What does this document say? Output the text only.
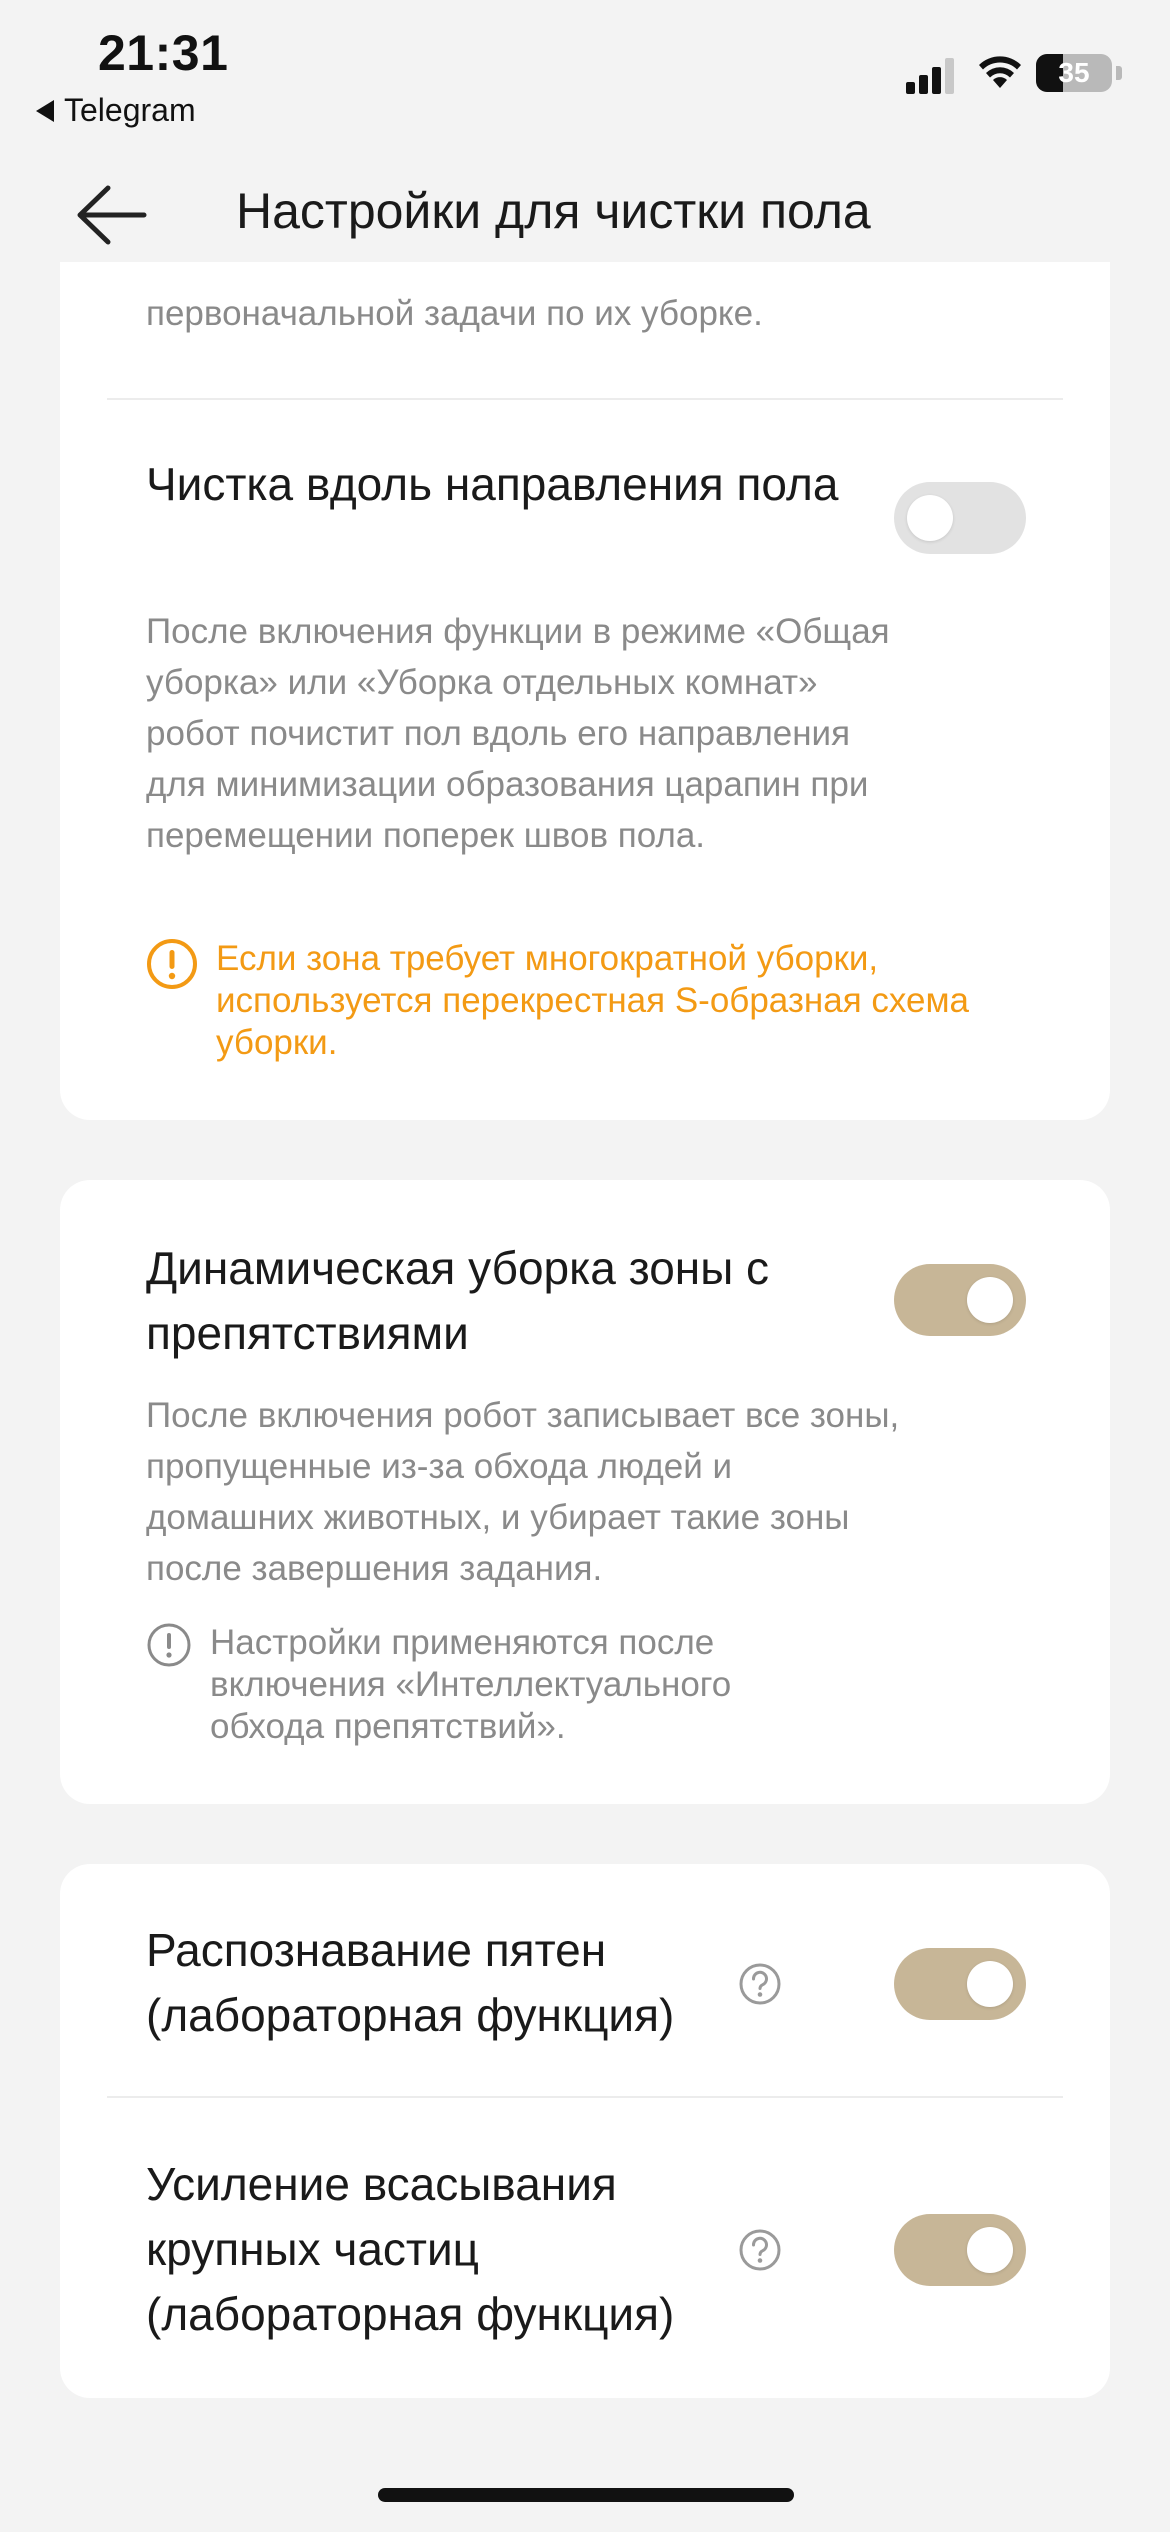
21:31
Telegram
35
Настройки для чистки пола
первоначальной задачи по их уборке.
Чистка вдоль направления пола
После включения функции в режиме «Общая уборка» или «Уборка отдельных комнат» робот почистит пол вдоль его направления для минимизации образования царапин при перемещении поперек швов пола.
Если зона требует многократной уборки, используется перекрестная S-образная схема уборки.
Динамическая уборка зоны с препятствиями
После включения робот записывает все зоны, пропущенные из-за обхода людей и домашних животных, и убирает такие зоны после завершения задания.
Настройки применяются после включения «Интеллектуального обхода препятствий».
Распознавание пятен (лабораторная функция)
Усиление всасывания крупных частиц (лабораторная функция)
